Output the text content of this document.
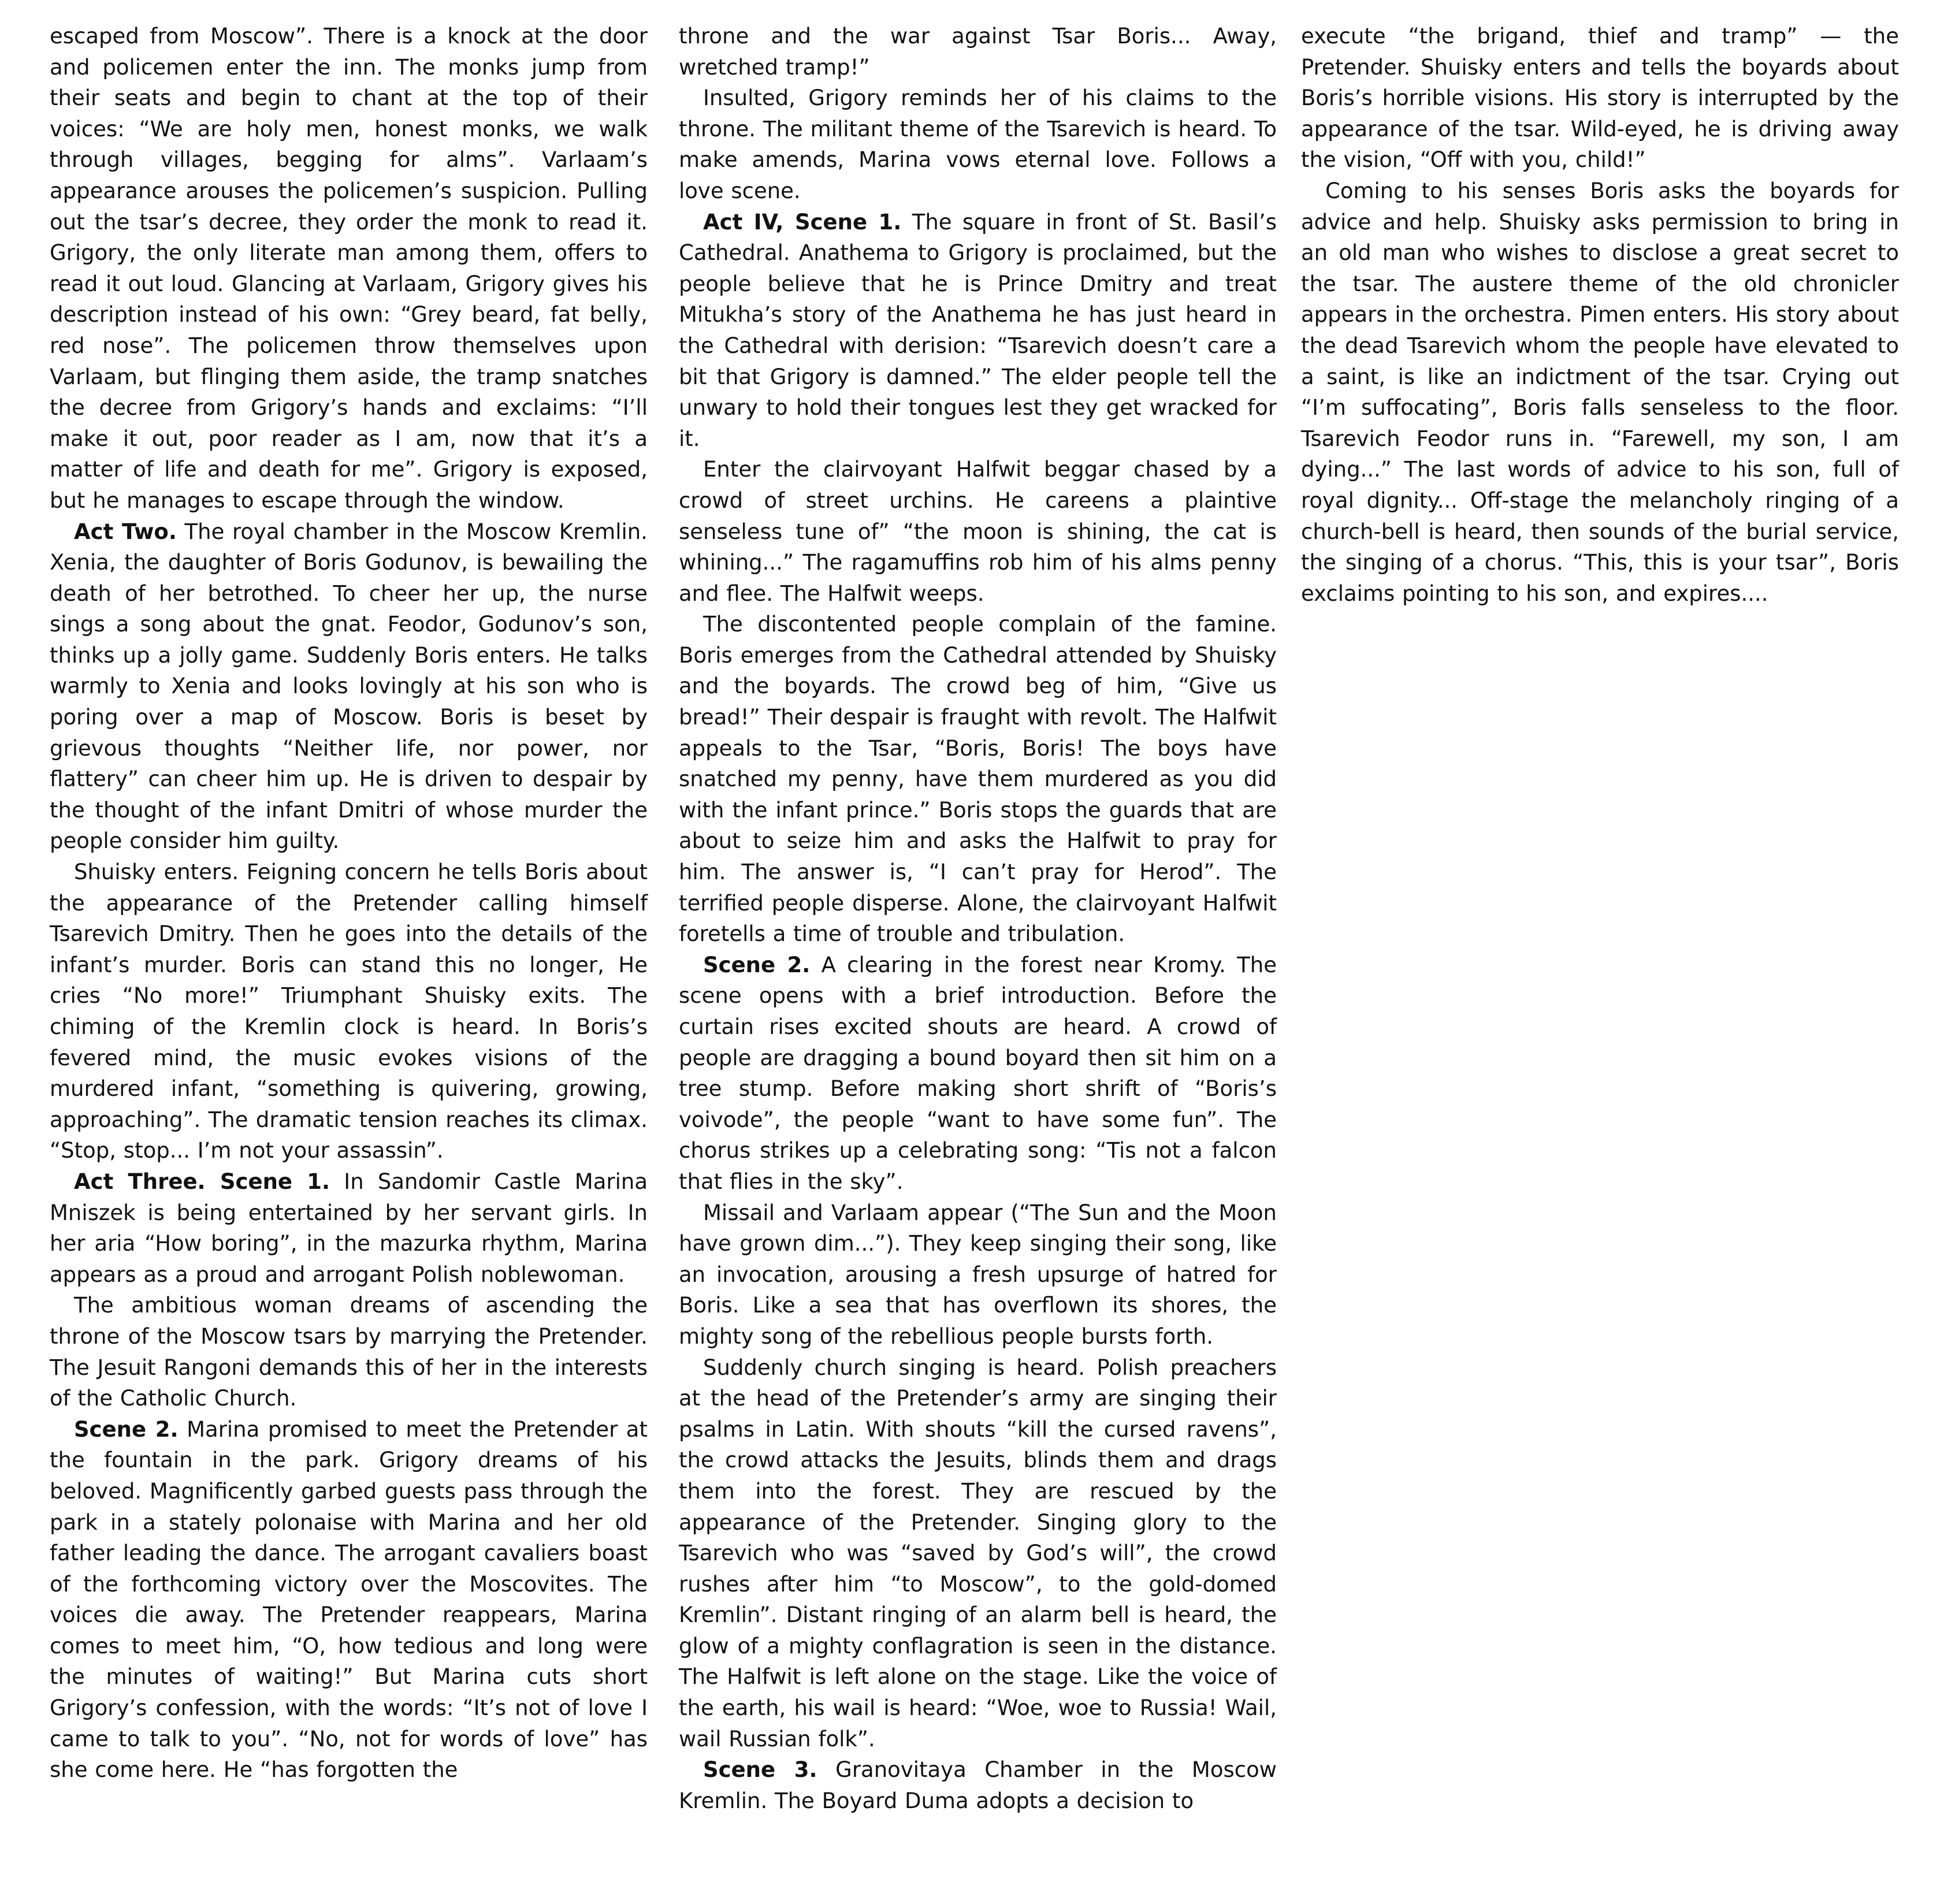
escaped from Moscow”. There is a knock at the door and policemen enter the inn. The monks jump from their seats and begin to chant at the top of their voices: “We are holy men, honest monks, we walk through villages, begging for alms”. Varlaam’s appearance arouses the policemen’s suspicion. Pulling out the tsar’s decree, they order the monk to read it. Grigory, the only literate man among them, offers to read it out loud. Glancing at Varlaam, Grigory gives his description instead of his own: “Grey beard, fat belly, red nose”. The policemen throw themselves upon Varlaam, but flinging them aside, the tramp snatches the decree from Grigory’s hands and exclaims: “I’ll make it out, poor reader as I am, now that it’s a matter of life and death for me”. Grigory is exposed, but he manages to escape through the window.

Act Two. The royal chamber in the Moscow Kremlin. Xenia, the daughter of Boris Godunov, is bewailing the death of her betrothed. To cheer her up, the nurse sings a song about the gnat. Feodor, Godunov’s son, thinks up a jolly game. Suddenly Boris enters. He talks warmly to Xenia and looks lovingly at his son who is poring over a map of Moscow. Boris is beset by grievous thoughts “Neither life, nor power, nor flattery” can cheer him up. He is driven to despair by the thought of the infant Dmitri of whose murder the people consider him guilty.

Shuisky enters. Feigning concern he tells Boris about the appearance of the Pretender calling himself Tsarevich Dmitry. Then he goes into the details of the infant’s murder. Boris can stand this no longer, He cries “No more!” Triumphant Shuisky exits. The chiming of the Kremlin clock is heard. In Boris’s fevered mind, the music evokes visions of the murdered infant, “something is quivering, growing, approaching”. The dramatic tension reaches its climax. “Stop, stop... I’m not your assassin”.

Act Three. Scene 1. In Sandomir Castle Marina Mniszek is being entertained by her servant girls. In her aria “How boring”, in the mazurka rhythm, Marina appears as a proud and arrogant Polish noblewoman.

The ambitious woman dreams of ascending the throne of the Moscow tsars by marrying the Pretender. The Jesuit Rangoni demands this of her in the interests of the Catholic Church.

Scene 2. Marina promised to meet the Pretender at the fountain in the park. Grigory dreams of his beloved. Magnificently garbed guests pass through the park in a stately polonaise with Marina and her old father leading the dance. The arrogant cavaliers boast of the forthcoming victory over the Moscovites. The voices die away. The Pretender reappears, Marina comes to meet him, “O, how tedious and long were the minutes of waiting!” But Marina cuts short Grigory’s confession, with the words: “It’s not of love I came to talk to you”. “No, not for words of love” has she come here. He “has forgotten the

throne and the war against Tsar Boris... Away, wretched tramp!”

Insulted, Grigory reminds her of his claims to the throne. The militant theme of the Tsarevich is heard. To make amends, Marina vows eternal love. Follows a love scene.

Act IV, Scene 1. The square in front of St. Basil’s Cathedral. Anathema to Grigory is proclaimed, but the people believe that he is Prince Dmitry and treat Mitukha’s story of the Anathema he has just heard in the Cathedral with derision: “Tsarevich doesn’t care a bit that Grigory is damned.” The elder people tell the unwary to hold their tongues lest they get wracked for it.

Enter the clairvoyant Halfwit beggar chased by a crowd of street urchins. He careens a plaintive senseless tune of” “the moon is shining, the cat is whining...” The ragamuffins rob him of his alms penny and flee. The Halfwit weeps.

The discontented people complain of the famine. Boris emerges from the Cathedral attended by Shuisky and the boyards. The crowd beg of him, “Give us bread!” Their despair is fraught with revolt. The Halfwit appeals to the Tsar, “Boris, Boris! The boys have snatched my penny, have them murdered as you did with the infant prince.” Boris stops the guards that are about to seize him and asks the Halfwit to pray for him. The answer is, “I can’t pray for Herod”. The terrified people disperse. Alone, the clairvoyant Halfwit foretells a time of trouble and tribulation.

Scene 2. A clearing in the forest near Kromy. The scene opens with a brief introduction. Before the curtain rises excited shouts are heard. A crowd of people are dragging a bound boyard then sit him on a tree stump. Before making short shrift of “Boris’s voivode”, the people “want to have some fun”. The chorus strikes up a celebrating song: “Tis not a falcon that flies in the sky”.

Missail and Varlaam appear (“The Sun and the Moon have grown dim...”). They keep singing their song, like an invocation, arousing a fresh upsurge of hatred for Boris. Like a sea that has overflown its shores, the mighty song of the rebellious people bursts forth.

Suddenly church singing is heard. Polish preachers at the head of the Pretender’s army are singing their psalms in Latin. With shouts “kill the cursed ravens”, the crowd attacks the Jesuits, blinds them and drags them into the forest. They are rescued by the appearance of the Pretender. Singing glory to the Tsarevich who was “saved by God’s will”, the crowd rushes after him “to Moscow”, to the gold-domed Kremlin”. Distant ringing of an alarm bell is heard, the glow of a mighty conflagration is seen in the distance. The Halfwit is left alone on the stage. Like the voice of the earth, his wail is heard: “Woe, woe to Russia! Wail, wail Russian folk”.

Scene 3. Granovitaya Chamber in the Moscow Kremlin. The Boyard Duma adopts a decision to

execute “the brigand, thief and tramp” — the Pretender. Shuisky enters and tells the boyards about Boris’s horrible visions. His story is interrupted by the appearance of the tsar. Wild-eyed, he is driving away the vision, “Off with you, child!”

Coming to his senses Boris asks the boyards for advice and help. Shuisky asks permission to bring in an old man who wishes to disclose a great secret to the tsar. The austere theme of the old chronicler appears in the orchestra. Pimen enters. His story about the dead Tsarevich whom the people have elevated to a saint, is like an indictment of the tsar. Crying out “I’m suffocating”, Boris falls senseless to the floor. Tsarevich Feodor runs in. “Farewell, my son, I am dying...” The last words of advice to his son, full of royal dignity... Off-stage the melancholy ringing of a church-bell is heard, then sounds of the burial service, the singing of a chorus. “This, this is your tsar”, Boris exclaims pointing to his son, and expires....
